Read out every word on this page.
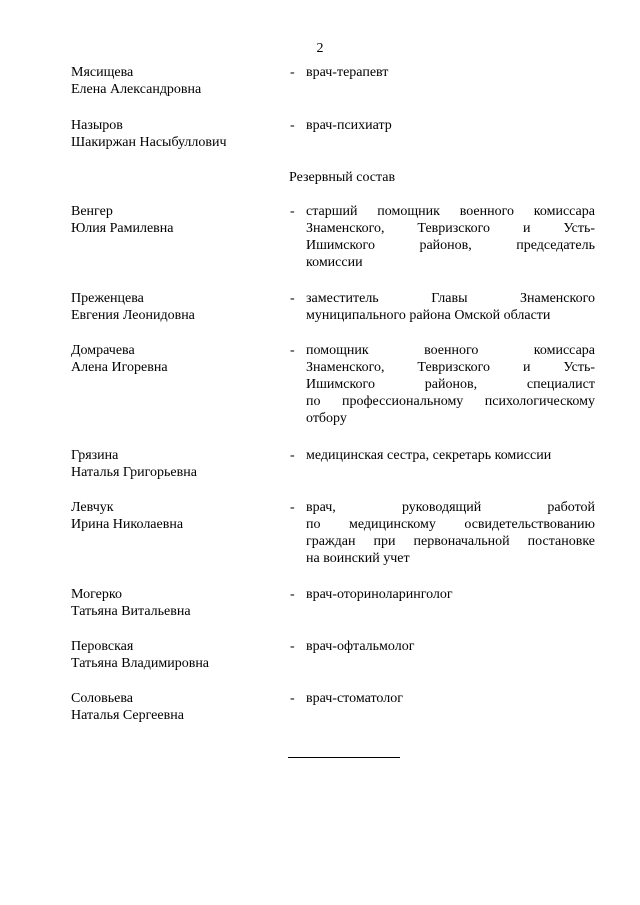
2
Мясищева
Елена Александровна
- врач-терапевт
Назыров
Шакиржан Насыбуллович
- врач-психиатр
Резервный состав
Венгер
Юлия Рамилевна
- старший помощник военного комиссара
Знаменского, Тевризского и Усть-
Ишимского районов, председатель
комиссии
Преженцева
Евгения Леонидовна
- заместитель Главы Знаменского
муниципального района Омской области
Домрачева
Алена Игоревна
- помощник военного комиссара
Знаменского, Тевризского и Усть-
Ишимского районов, специалист
по профессиональному психологическому
отбору
Грязина
Наталья Григорьевна
- медицинская сестра, секретарь комиссии
Левчук
Ирина Николаевна
- врач, руководящий работой
по медицинскому освидетельствованию
граждан при первоначальной постановке
на воинский учет
Могерко
Татьяна Витальевна
- врач-оториноларинголог
Перовская
Татьяна Владимировна
- врач-офтальмолог
Соловьева
Наталья Сергеевна
- врач-стоматолог
